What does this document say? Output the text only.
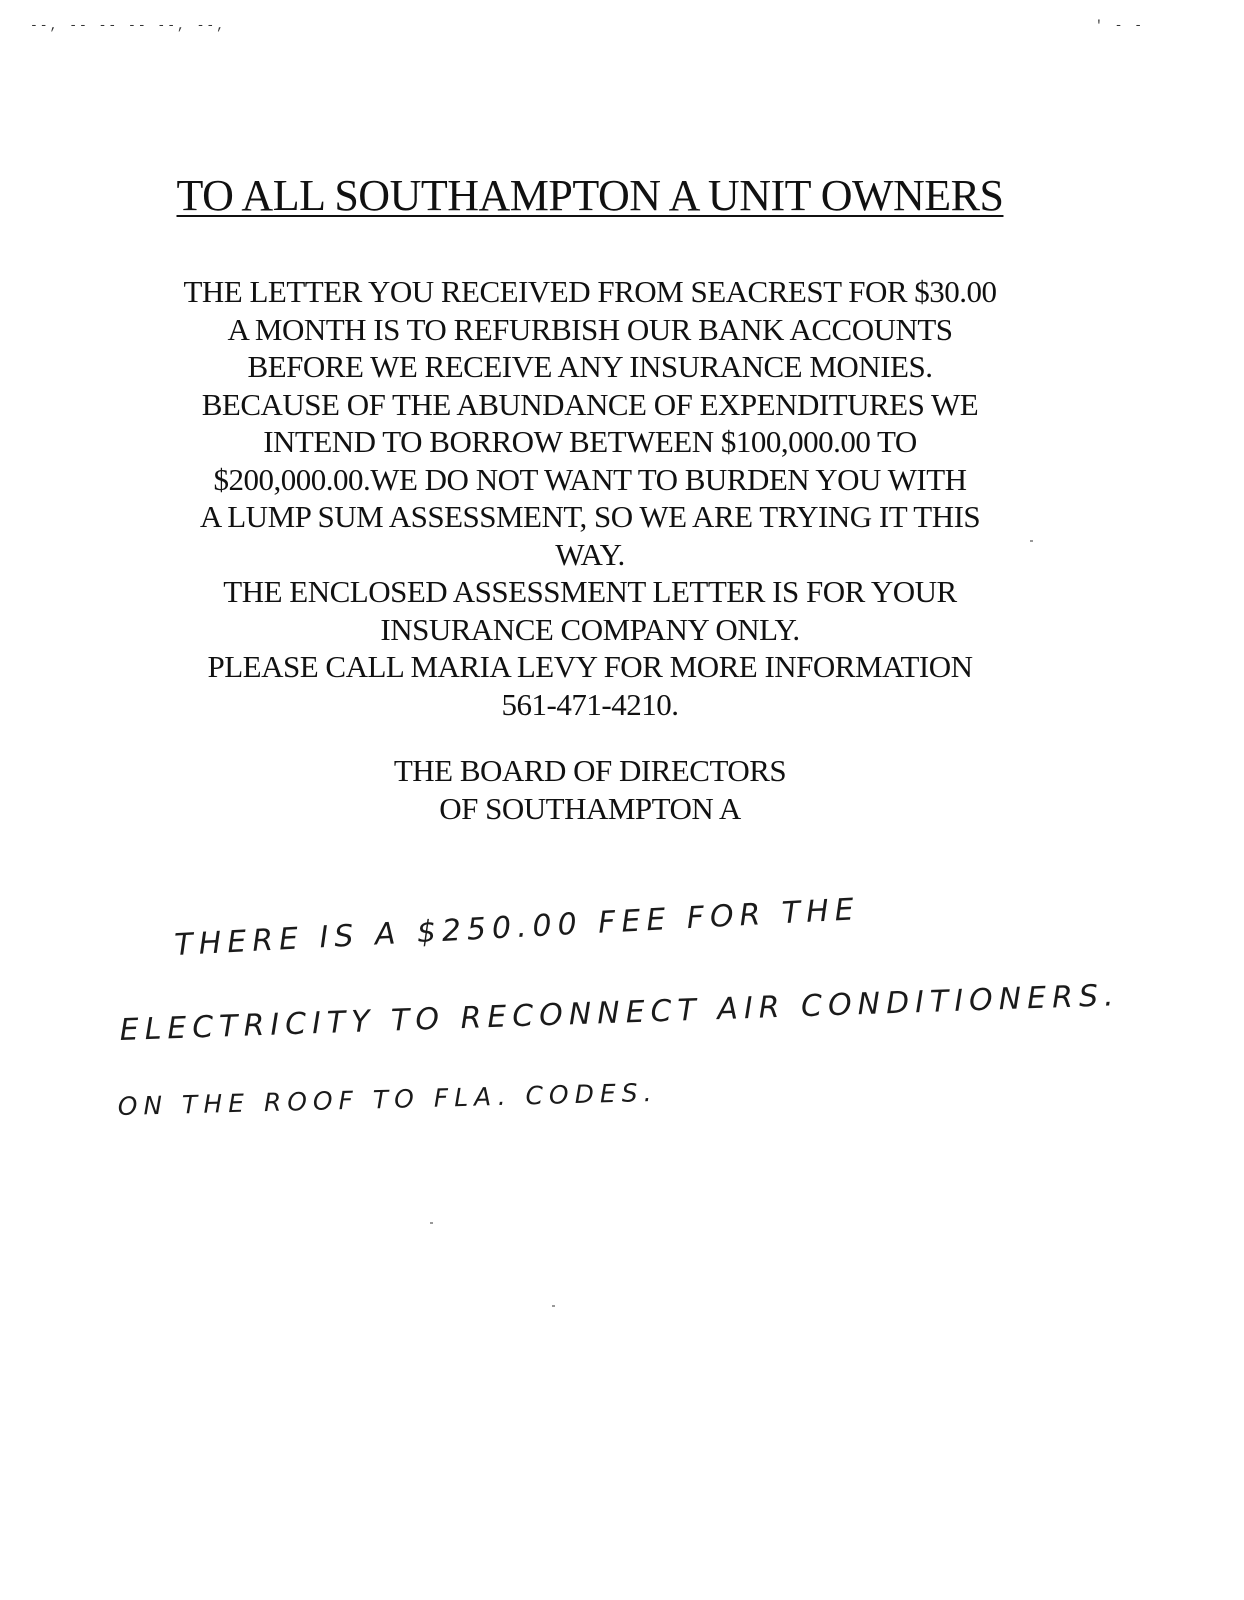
--, -- -- -- --, --,	' - -
TO ALL SOUTHAMPTON A UNIT OWNERS
THE LETTER YOU RECEIVED FROM SEACREST FOR $30.00
A MONTH IS TO REFURBISH OUR BANK ACCOUNTS
BEFORE WE RECEIVE ANY INSURANCE MONIES.
BECAUSE OF THE ABUNDANCE OF EXPENDITURES WE
INTEND TO BORROW BETWEEN $100,000.00 TO
$200,000.00.WE DO NOT WANT TO BURDEN YOU WITH
A LUMP SUM ASSESSMENT, SO WE ARE TRYING IT THIS
WAY.
THE ENCLOSED ASSESSMENT LETTER IS FOR YOUR
INSURANCE COMPANY ONLY.
PLEASE CALL MARIA LEVY FOR MORE INFORMATION
561-471-4210.
THE BOARD OF DIRECTORS
OF SOUTHAMPTON A
THERE IS A $250.00 FEE FOR THE
ELECTRICITY TO RECONNECT AIR CONDITIONERS.
ON THE ROOF TO FLA. CODES.
